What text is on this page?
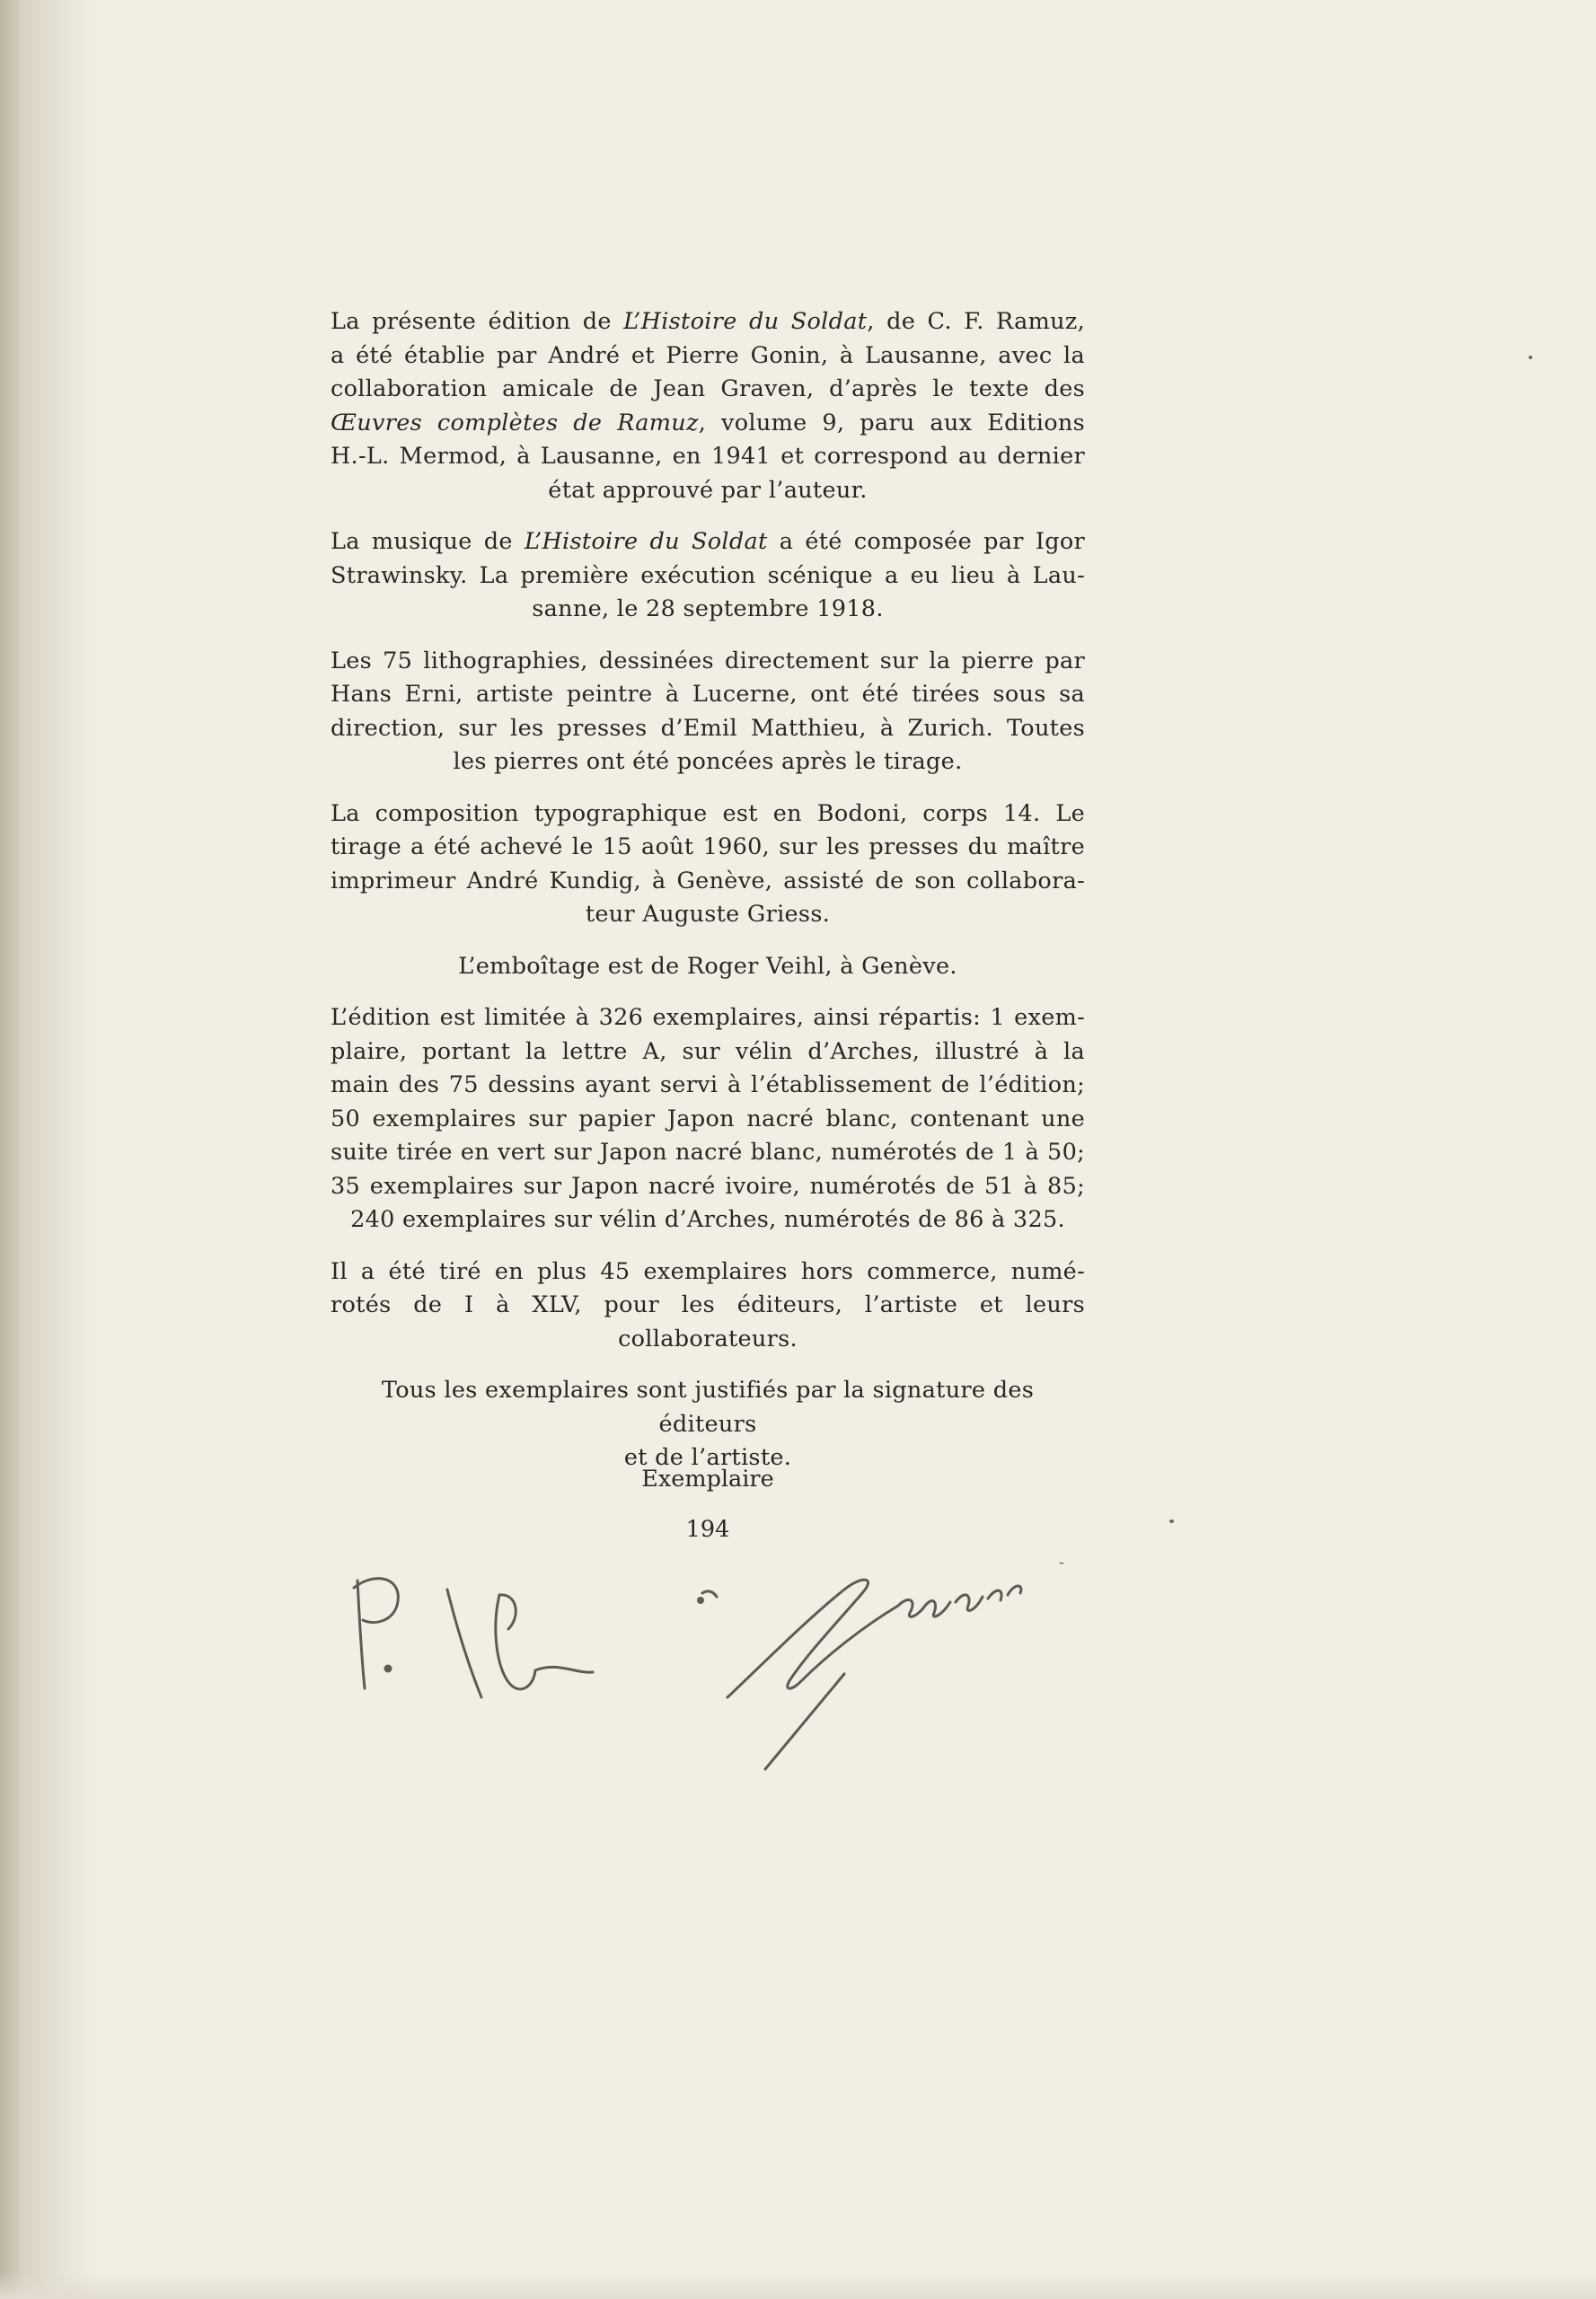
La présente édition de L’Histoire du Soldat, de C. F. Ramuz,
a été établie par André et Pierre Gonin, à Lausanne, avec la
collaboration amicale de Jean Graven, d’après le texte des
Œuvres complètes de Ramuz, volume 9, paru aux Editions
H.-L. Mermod, à Lausanne, en 1941 et correspond au dernier
état approuvé par l’auteur.
La musique de L’Histoire du Soldat a été composée par Igor
Strawinsky. La première exécution scénique a eu lieu à Lau-
sanne, le 28 septembre 1918.
Les 75 lithographies, dessinées directement sur la pierre par
Hans Erni, artiste peintre à Lucerne, ont été tirées sous sa
direction, sur les presses d’Emil Matthieu, à Zurich. Toutes
les pierres ont été poncées après le tirage.
La composition typographique est en Bodoni, corps 14. Le
tirage a été achevé le 15 août 1960, sur les presses du maître
imprimeur André Kundig, à Genève, assisté de son collabora-
teur Auguste Griess.
L’emboîtage est de Roger Veihl, à Genève.
L’édition est limitée à 326 exemplaires, ainsi répartis: 1 exem-
plaire, portant la lettre A, sur vélin d’Arches, illustré à la
main des 75 dessins ayant servi à l’établissement de l’édition;
50 exemplaires sur papier Japon nacré blanc, contenant une
suite tirée en vert sur Japon nacré blanc, numérotés de 1 à 50;
35 exemplaires sur Japon nacré ivoire, numérotés de 51 à 85;
240 exemplaires sur vélin d’Arches, numérotés de 86 à 325.
Il a été tiré en plus 45 exemplaires hors commerce, numé-
rotés de I à XLV, pour les éditeurs, l’artiste et leurs
collaborateurs.
Tous les exemplaires sont justifiés par la signature des éditeurs
et de l’artiste.
Exemplaire
194
